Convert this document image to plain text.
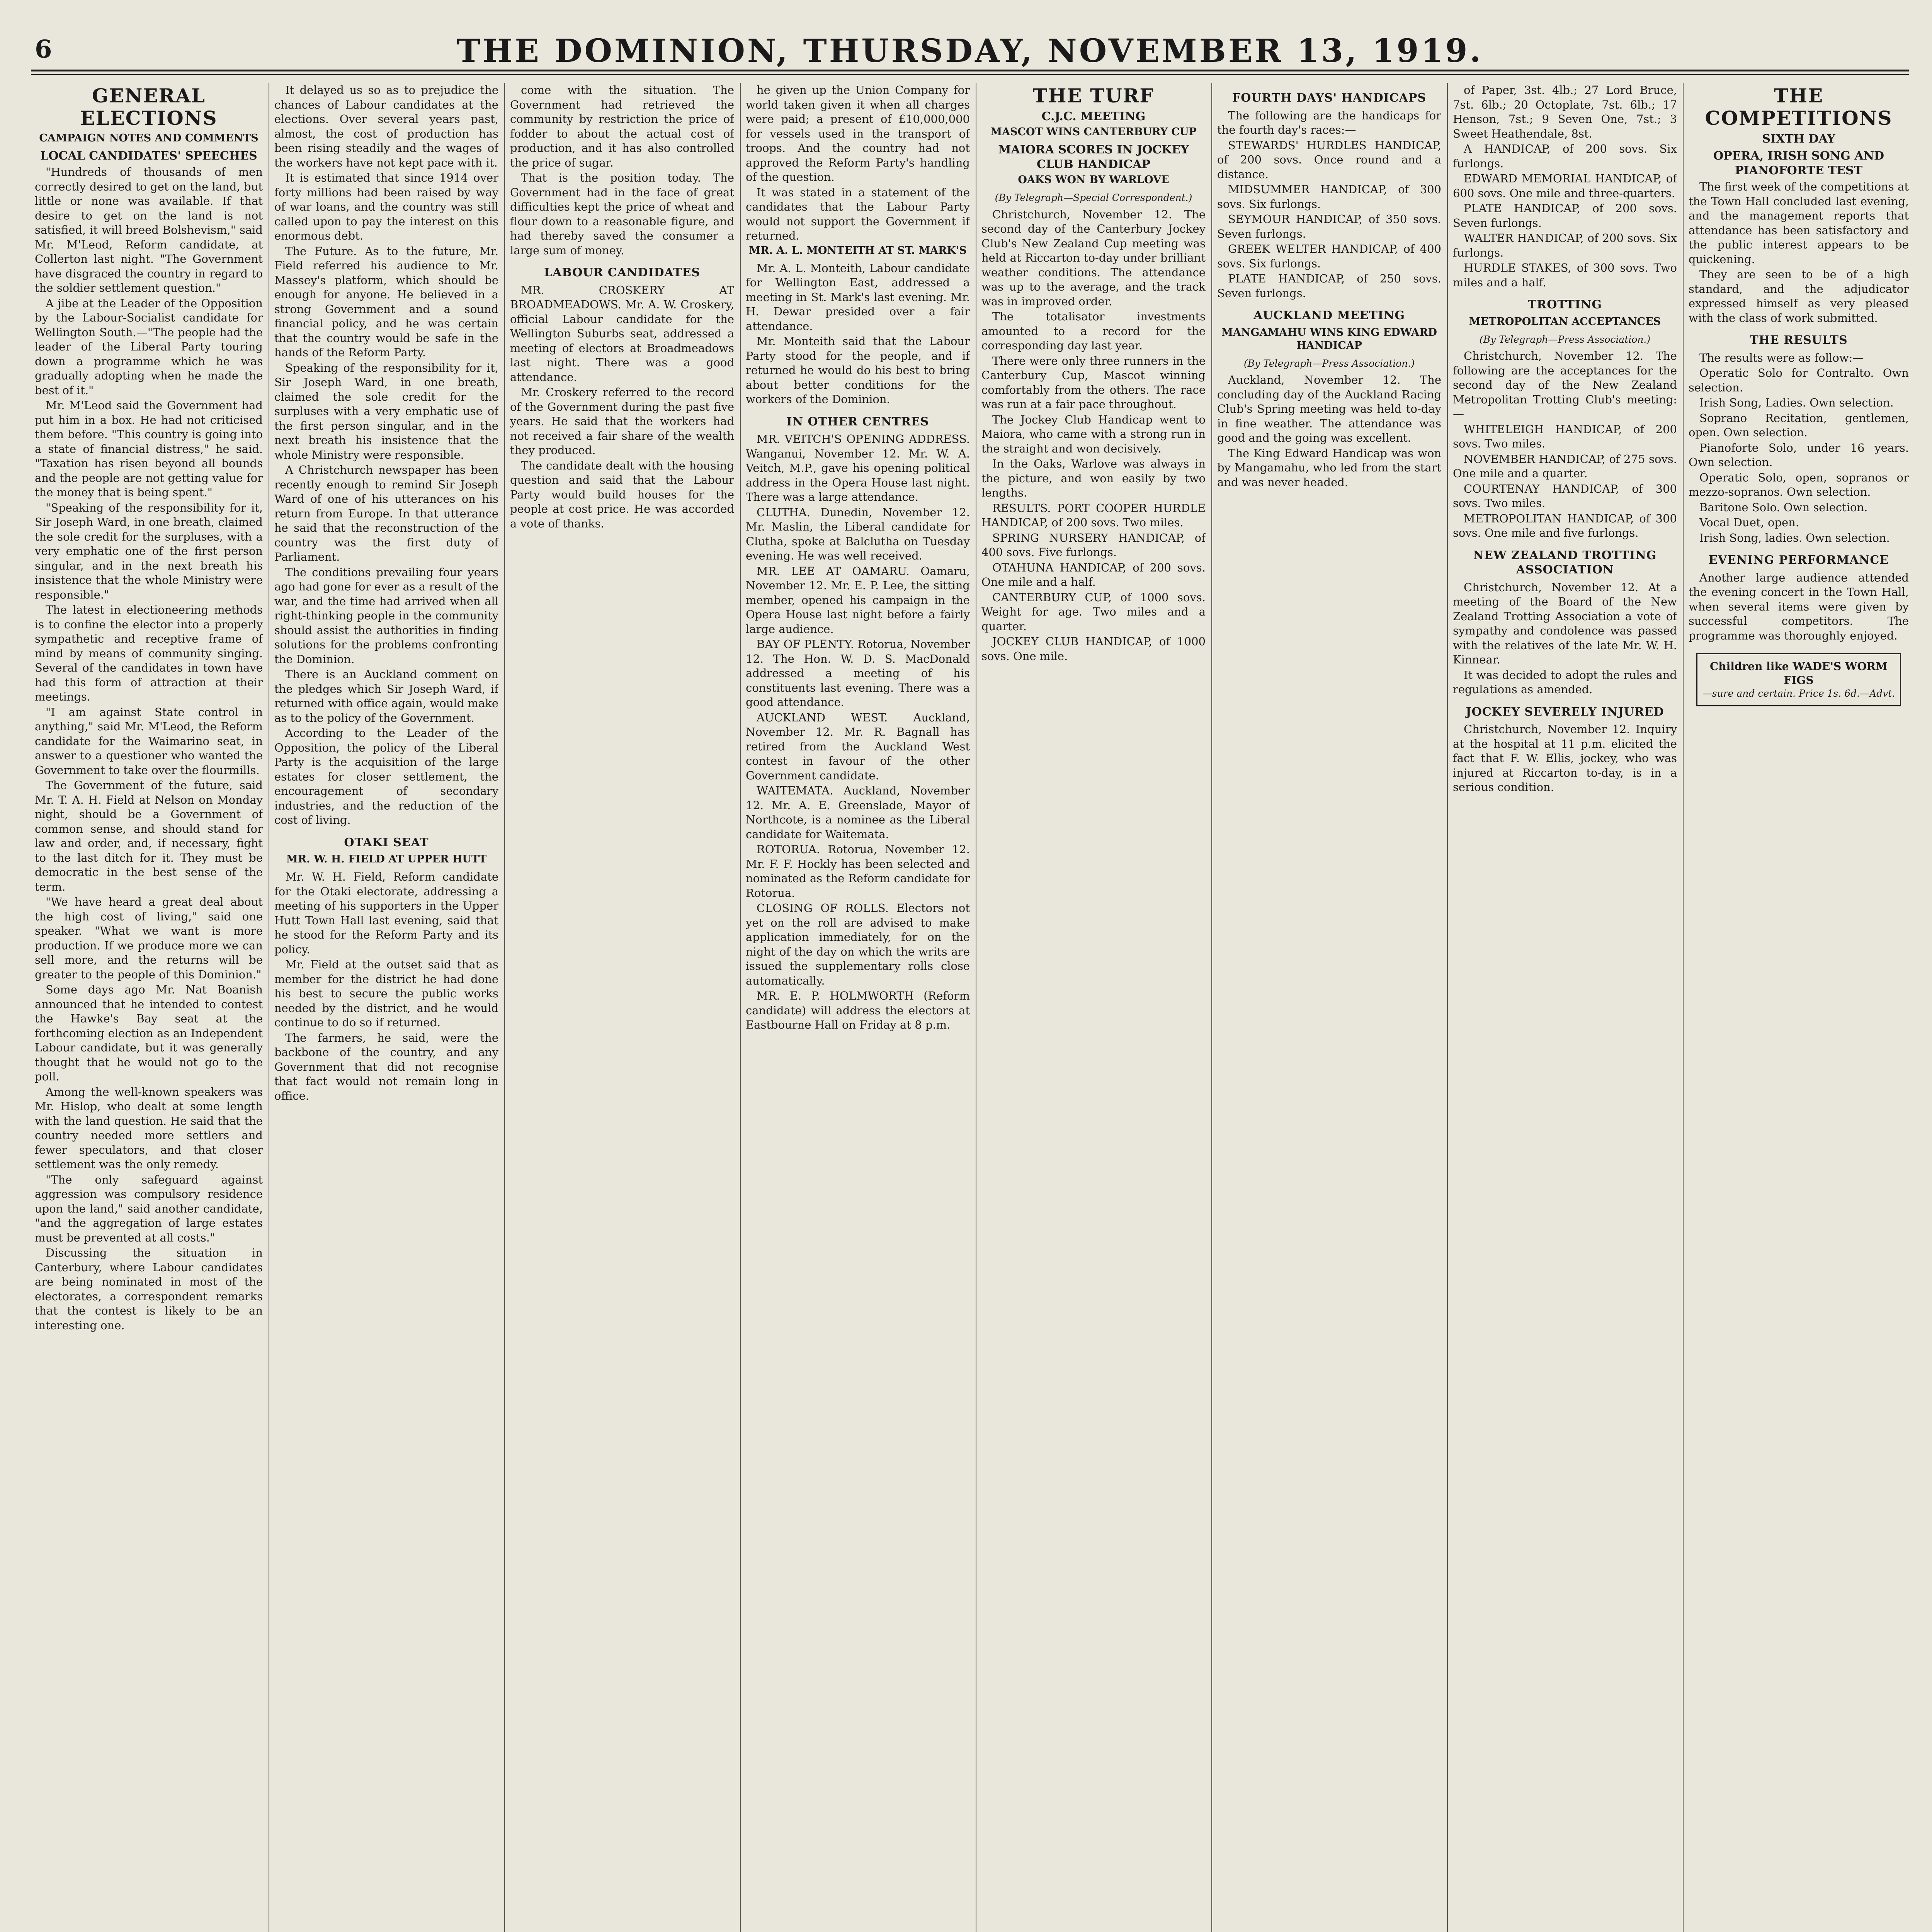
6	THE DOMINION, THURSDAY, NOVEMBER 13, 1919.
GENERAL ELECTIONS
CAMPAIGN NOTES AND COMMENTS
LOCAL CANDIDATES' SPEECHES

"Hundreds of thousands of men correctly desired to get on the land, but little or none was available. If that desire to get on the land is not satisfied, it will breed Bolshevism," said Mr. M'Leod, Reform candidate, at Collerton last night. "The Government have disgraced the country in regard to the soldier settlement question."

A jibe at the Leader of the Opposition by the Labour-Socialist candidate for Wellington South.—"The people had the leader of the Liberal Party touring down a programme which he was gradually adopting when he made the best of it."

Mr. M'Leod said the Government had put him in a box. He had not criticised them before. "This country is going into a state of financial distress," he said. "Taxation has risen beyond all bounds and the people are not getting value for the money that is being spent."

"Speaking of the responsibility for it, Sir Joseph Ward, in one breath, claimed the sole credit for the surpluses, with a very emphatic one of the first person singular, and in the next breath his insistence that the whole Ministry were responsible."

The latest in electioneering methods is to confine the elector into a properly sympathetic and receptive frame of mind by means of community singing. Several of the candidates in town have had this form of attraction at their meetings.

"I am against State control in anything," said Mr. M'Leod, the Reform candidate for the Waimarino seat, in answer to a questioner who wanted the Government to take over the flourmills.

The Government of the future, said Mr. T. A. H. Field at Nelson on Monday night, should be a Government of common sense, and should stand for law and order, and, if necessary, fight to the last ditch for it. They must be democratic in the best sense of the term.

"We have heard a great deal about the high cost of living," said one speaker. "What we want is more production. If we produce more we can sell more, and the returns will be greater to the people of this Dominion."

Some days ago Mr. Nat Boanish announced that he intended to contest the Hawke's Bay seat at the forthcoming election as an Independent Labour candidate, but it was generally thought that he would not go to the poll.

Among the well-known speakers was Mr. Hislop, who dealt at some length with the land question. He said that the country needed more settlers and fewer speculators, and that closer settlement was the only remedy.

"The only safeguard against aggression was compulsory residence upon the land," said another candidate, "and the aggregation of large estates must be prevented at all costs."

Discussing the situation in Canterbury, where Labour candidates are being nominated in most of the electorates, a correspondent remarks that the contest is likely to be an interesting one.

It delayed us so as to prejudice the chances of Labour candidates at the elections. Over several years past, almost, the cost of production has been rising steadily and the wages of the workers have not kept pace with it.

It is estimated that since 1914 over forty millions had been raised by way of war loans, and the country was still called upon to pay the interest on this enormous debt.

The Future. As to the future, Mr. Field referred his audience to Mr. Massey's platform, which should be enough for anyone. He believed in a strong Government and a sound financial policy, and he was certain that the country would be safe in the hands of the Reform Party.

Speaking of the responsibility for it, Sir Joseph Ward, in one breath, claimed the sole credit for the surpluses with a very emphatic use of the first person singular, and in the next breath his insistence that the whole Ministry were responsible.

A Christchurch newspaper has been recently enough to remind Sir Joseph Ward of one of his utterances on his return from Europe. In that utterance he said that the reconstruction of the country was the first duty of Parliament.

The conditions prevailing four years ago had gone for ever as a result of the war, and the time had arrived when all right-thinking people in the community should assist the authorities in finding solutions for the problems confronting the Dominion.

There is an Auckland comment on the pledges which Sir Joseph Ward, if returned with office again, would make as to the policy of the Government.

According to the Leader of the Opposition, the policy of the Liberal Party is the acquisition of the large estates for closer settlement, the encouragement of secondary industries, and the reduction of the cost of living.

OTAKI SEAT
MR. W. H. FIELD AT UPPER HUTT

Mr. W. H. Field, Reform candidate for the Otaki electorate, addressing a meeting of his supporters in the Upper Hutt Town Hall last evening, said that he stood for the Reform Party and its policy.

Mr. Field at the outset said that as member for the district he had done his best to secure the public works needed by the district, and he would continue to do so if returned.

The farmers, he said, were the backbone of the country, and any Government that did not recognise that fact would not remain long in office.

come with the situation. The Government had retrieved the community by restriction the price of fodder to about the actual cost of production, and it has also controlled the price of sugar.

That is the position today. The Government had in the face of great difficulties kept the price of wheat and flour down to a reasonable figure, and had thereby saved the consumer a large sum of money.

LABOUR CANDIDATES

MR. CROSKERY AT BROADMEADOWS. Mr. A. W. Croskery, official Labour candidate for the Wellington Suburbs seat, addressed a meeting of electors at Broadmeadows last night. There was a good attendance.

Mr. Croskery referred to the record of the Government during the past five years. He said that the workers had not received a fair share of the wealth they produced.

The candidate dealt with the housing question and said that the Labour Party would build houses for the people at cost price. He was accorded a vote of thanks.

he given up the Union Company for world taken given it when all charges were paid; a present of £10,000,000 for vessels used in the transport of troops. And the country had not approved the Reform Party's handling of the question.

It was stated in a statement of the candidates that the Labour Party would not support the Government if returned.

MR. A. L. MONTEITH AT ST. MARK'S

Mr. A. L. Monteith, Labour candidate for Wellington East, addressed a meeting in St. Mark's last evening. Mr. H. Dewar presided over a fair attendance.

Mr. Monteith said that the Labour Party stood for the people, and if returned he would do his best to bring about better conditions for the workers of the Dominion.

IN OTHER CENTRES

MR. VEITCH'S OPENING ADDRESS. Wanganui, November 12. Mr. W. A. Veitch, M.P., gave his opening political address in the Opera House last night. There was a large attendance.

CLUTHA. Dunedin, November 12. Mr. Maslin, the Liberal candidate for Clutha, spoke at Balclutha on Tuesday evening. He was well received.

MR. LEE AT OAMARU. Oamaru, November 12. Mr. E. P. Lee, the sitting member, opened his campaign in the Opera House last night before a fairly large audience.

BAY OF PLENTY. Rotorua, November 12. The Hon. W. D. S. MacDonald addressed a meeting of his constituents last evening. There was a good attendance.

AUCKLAND WEST. Auckland, November 12. Mr. R. Bagnall has retired from the Auckland West contest in favour of the other Government candidate.

WAITEMATA. Auckland, November 12. Mr. A. E. Greenslade, Mayor of Northcote, is a nominee as the Liberal candidate for Waitemata.

ROTORUA. Rotorua, November 12. Mr. F. F. Hockly has been selected and nominated as the Reform candidate for Rotorua.

CLOSING OF ROLLS. Electors not yet on the roll are advised to make application immediately, for on the night of the day on which the writs are issued the supplementary rolls close automatically.

MR. E. P. HOLMWORTH (Reform candidate) will address the electors at Eastbourne Hall on Friday at 8 p.m.

THE TURF
C.J.C. MEETING
MASCOT WINS CANTERBURY CUP
MAIORA SCORES IN JOCKEY CLUB HANDICAP
OAKS WON BY WARLOVE
(By Telegraph—Special Correspondent.)

Christchurch, November 12. The second day of the Canterbury Jockey Club's New Zealand Cup meeting was held at Riccarton to-day under brilliant weather conditions. The attendance was up to the average, and the track was in improved order.

The totalisator investments amounted to a record for the corresponding day last year.

There were only three runners in the Canterbury Cup, Mascot winning comfortably from the others. The race was run at a fair pace throughout.

The Jockey Club Handicap went to Maiora, who came with a strong run in the straight and won decisively.

In the Oaks, Warlove was always in the picture, and won easily by two lengths.

RESULTS. PORT COOPER HURDLE HANDICAP, of 200 sovs. Two miles.

SPRING NURSERY HANDICAP, of 400 sovs. Five furlongs.

OTAHUNA HANDICAP, of 200 sovs. One mile and a half.

CANTERBURY CUP, of 1000 sovs. Weight for age. Two miles and a quarter.

JOCKEY CLUB HANDICAP, of 1000 sovs. One mile.

FOURTH DAYS' HANDICAPS

The following are the handicaps for the fourth day's races:—

STEWARDS' HURDLES HANDICAP, of 200 sovs. Once round and a distance.

MIDSUMMER HANDICAP, of 300 sovs. Six furlongs.

SEYMOUR HANDICAP, of 350 sovs. Seven furlongs.

GREEK WELTER HANDICAP, of 400 sovs. Six furlongs.

PLATE HANDICAP, of 250 sovs. Seven furlongs.

AUCKLAND MEETING
MANGAMAHU WINS KING EDWARD HANDICAP
(By Telegraph—Press Association.)

Auckland, November 12. The concluding day of the Auckland Racing Club's Spring meeting was held to-day in fine weather. The attendance was good and the going was excellent.

The King Edward Handicap was won by Mangamahu, who led from the start and was never headed.

of Paper, 3st. 4lb.; 27 Lord Bruce, 7st. 6lb.; 20 Octoplate, 7st. 6lb.; 17 Henson, 7st.; 9 Seven One, 7st.; 3 Sweet Heathendale, 8st.

A HANDICAP, of 200 sovs. Six furlongs.

EDWARD MEMORIAL HANDICAP, of 600 sovs. One mile and three-quarters.

PLATE HANDICAP, of 200 sovs. Seven furlongs.

WALTER HANDICAP, of 200 sovs. Six furlongs.

HURDLE STAKES, of 300 sovs. Two miles and a half.

TROTTING
METROPOLITAN ACCEPTANCES
(By Telegraph—Press Association.)

Christchurch, November 12. The following are the acceptances for the second day of the New Zealand Metropolitan Trotting Club's meeting:—

WHITELEIGH HANDICAP, of 200 sovs. Two miles.

NOVEMBER HANDICAP, of 275 sovs. One mile and a quarter.

COURTENAY HANDICAP, of 300 sovs. Two miles.

METROPOLITAN HANDICAP, of 300 sovs. One mile and five furlongs.

NEW ZEALAND TROTTING ASSOCIATION

Christchurch, November 12. At a meeting of the Board of the New Zealand Trotting Association a vote of sympathy and condolence was passed with the relatives of the late Mr. W. H. Kinnear.

It was decided to adopt the rules and regulations as amended.

JOCKEY SEVERELY INJURED

Christchurch, November 12. Inquiry at the hospital at 11 p.m. elicited the fact that F. W. Ellis, jockey, who was injured at Riccarton to-day, is in a serious condition.

THE COMPETITIONS
SIXTH DAY
OPERA, IRISH SONG AND PIANOFORTE TEST

The first week of the competitions at the Town Hall concluded last evening, and the management reports that attendance has been satisfactory and the public interest appears to be quickening.

They are seen to be of a high standard, and the adjudicator expressed himself as very pleased with the class of work submitted.

THE RESULTS

The results were as follow:—

Operatic Solo for Contralto. Own selection.

Irish Song, Ladies. Own selection.

Soprano Recitation, gentlemen, open. Own selection.

Pianoforte Solo, under 16 years. Own selection.

Operatic Solo, open, sopranos or mezzo-sopranos. Own selection.

Baritone Solo. Own selection.

Vocal Duet, open.

Irish Song, ladies. Own selection.

EVENING PERFORMANCE

Another large audience attended the evening concert in the Town Hall, when several items were given by successful competitors. The programme was thoroughly enjoyed.

Children like WADE'S WORM FIGS
—sure and certain. Price 1s. 6d.—Advt.
